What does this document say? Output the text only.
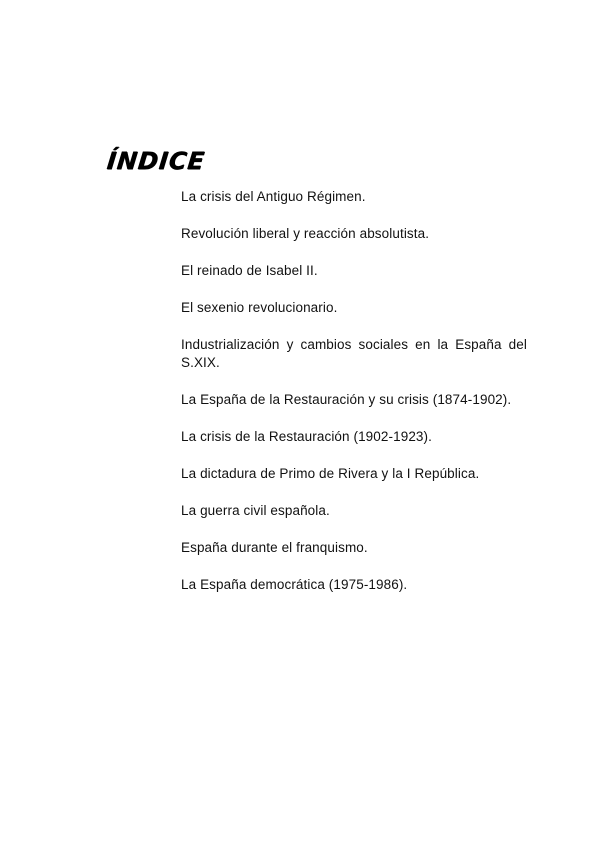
ÍNDICE
La crisis del Antiguo Régimen.
Revolución liberal y reacción absolutista.
El reinado de Isabel II.
El sexenio revolucionario.
Industrialización y cambios sociales en la España del S.XIX.
La España de la Restauración y su crisis (1874-1902).
La crisis de la Restauración (1902-1923).
La dictadura de Primo de Rivera y la I República.
La guerra civil española.
España durante el franquismo.
La España democrática (1975-1986).
